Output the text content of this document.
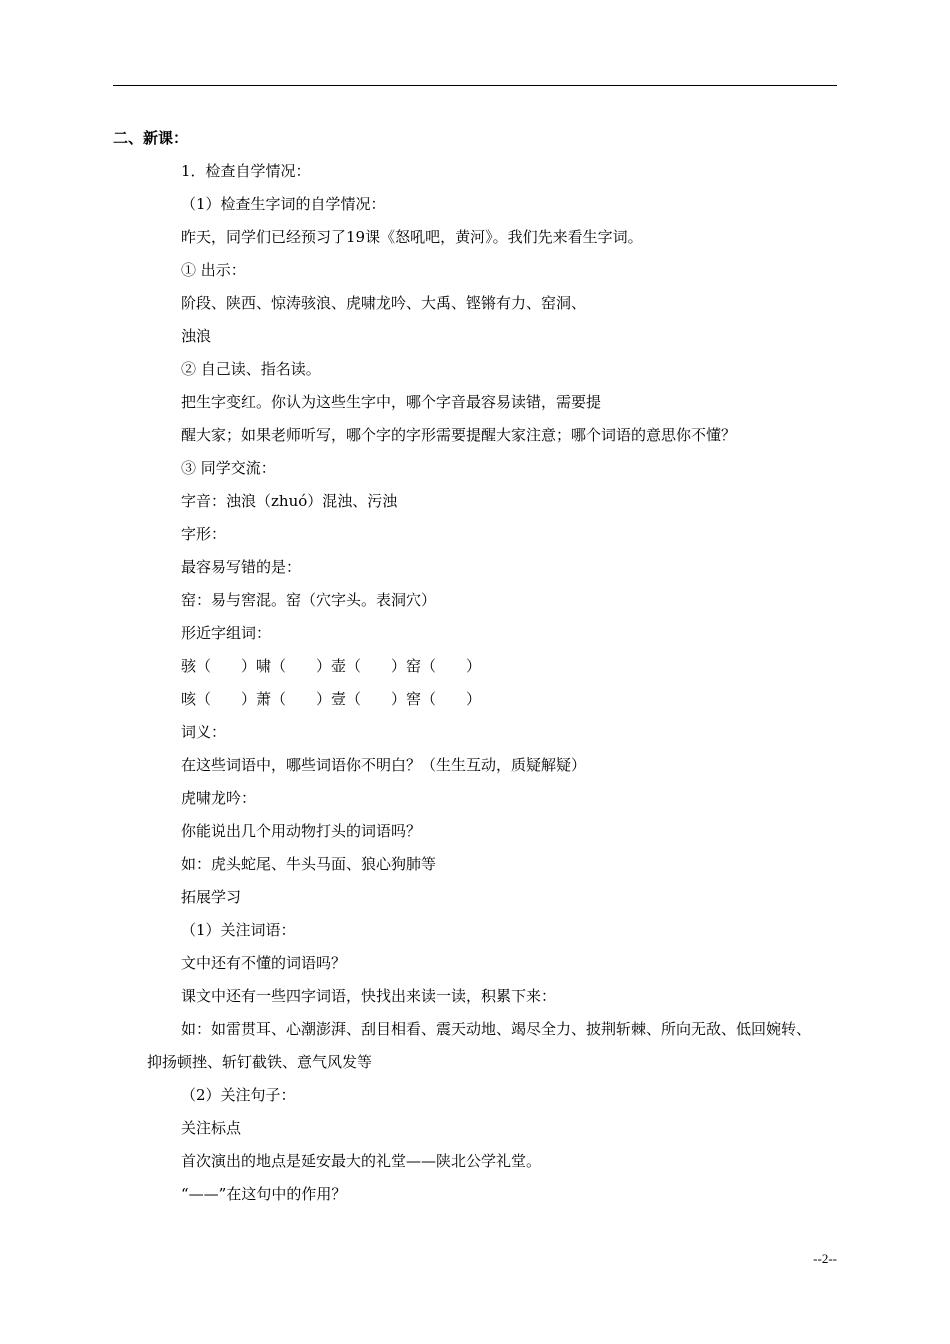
二、新课：
1．检查自学情况：
（1）检查生字词的自学情况：
昨天，同学们已经预习了19课《怒吼吧，黄河》。我们先来看生字词。
① 出示：
阶段、陕西、惊涛骇浪、虎啸龙吟、大禹、铿锵有力、窑洞、
浊浪
② 自己读、指名读。
把生字变红。你认为这些生字中，哪个字音最容易读错，需要提
醒大家；如果老师听写，哪个字的字形需要提醒大家注意；哪个词语的意思你不懂？
③ 同学交流：
字音：浊浪（zhuó）混浊、污浊
字形：
最容易写错的是：
窑：易与窖混。窑（穴字头。表洞穴）
形近字组词：
骇（　　）啸（　　）壶（　　）窑（　　）
咳（　　）萧（　　）壹（　　）窖（　　）
词义：
在这些词语中，哪些词语你不明白？（生生互动，质疑解疑）
虎啸龙吟：
你能说出几个用动物打头的词语吗？
如：虎头蛇尾、牛头马面、狼心狗肺等
拓展学习
（1）关注词语：
文中还有不懂的词语吗？
课文中还有一些四字词语，快找出来读一读，积累下来：
如：如雷贯耳、心潮澎湃、刮目相看、震天动地、竭尽全力、披荆斩棘、所向无敌、低回婉转、
抑扬顿挫、斩钉截铁、意气风发等
（2）关注句子：
关注标点
首次演出的地点是延安最大的礼堂——陕北公学礼堂。
“——”在这句中的作用？
--2--
